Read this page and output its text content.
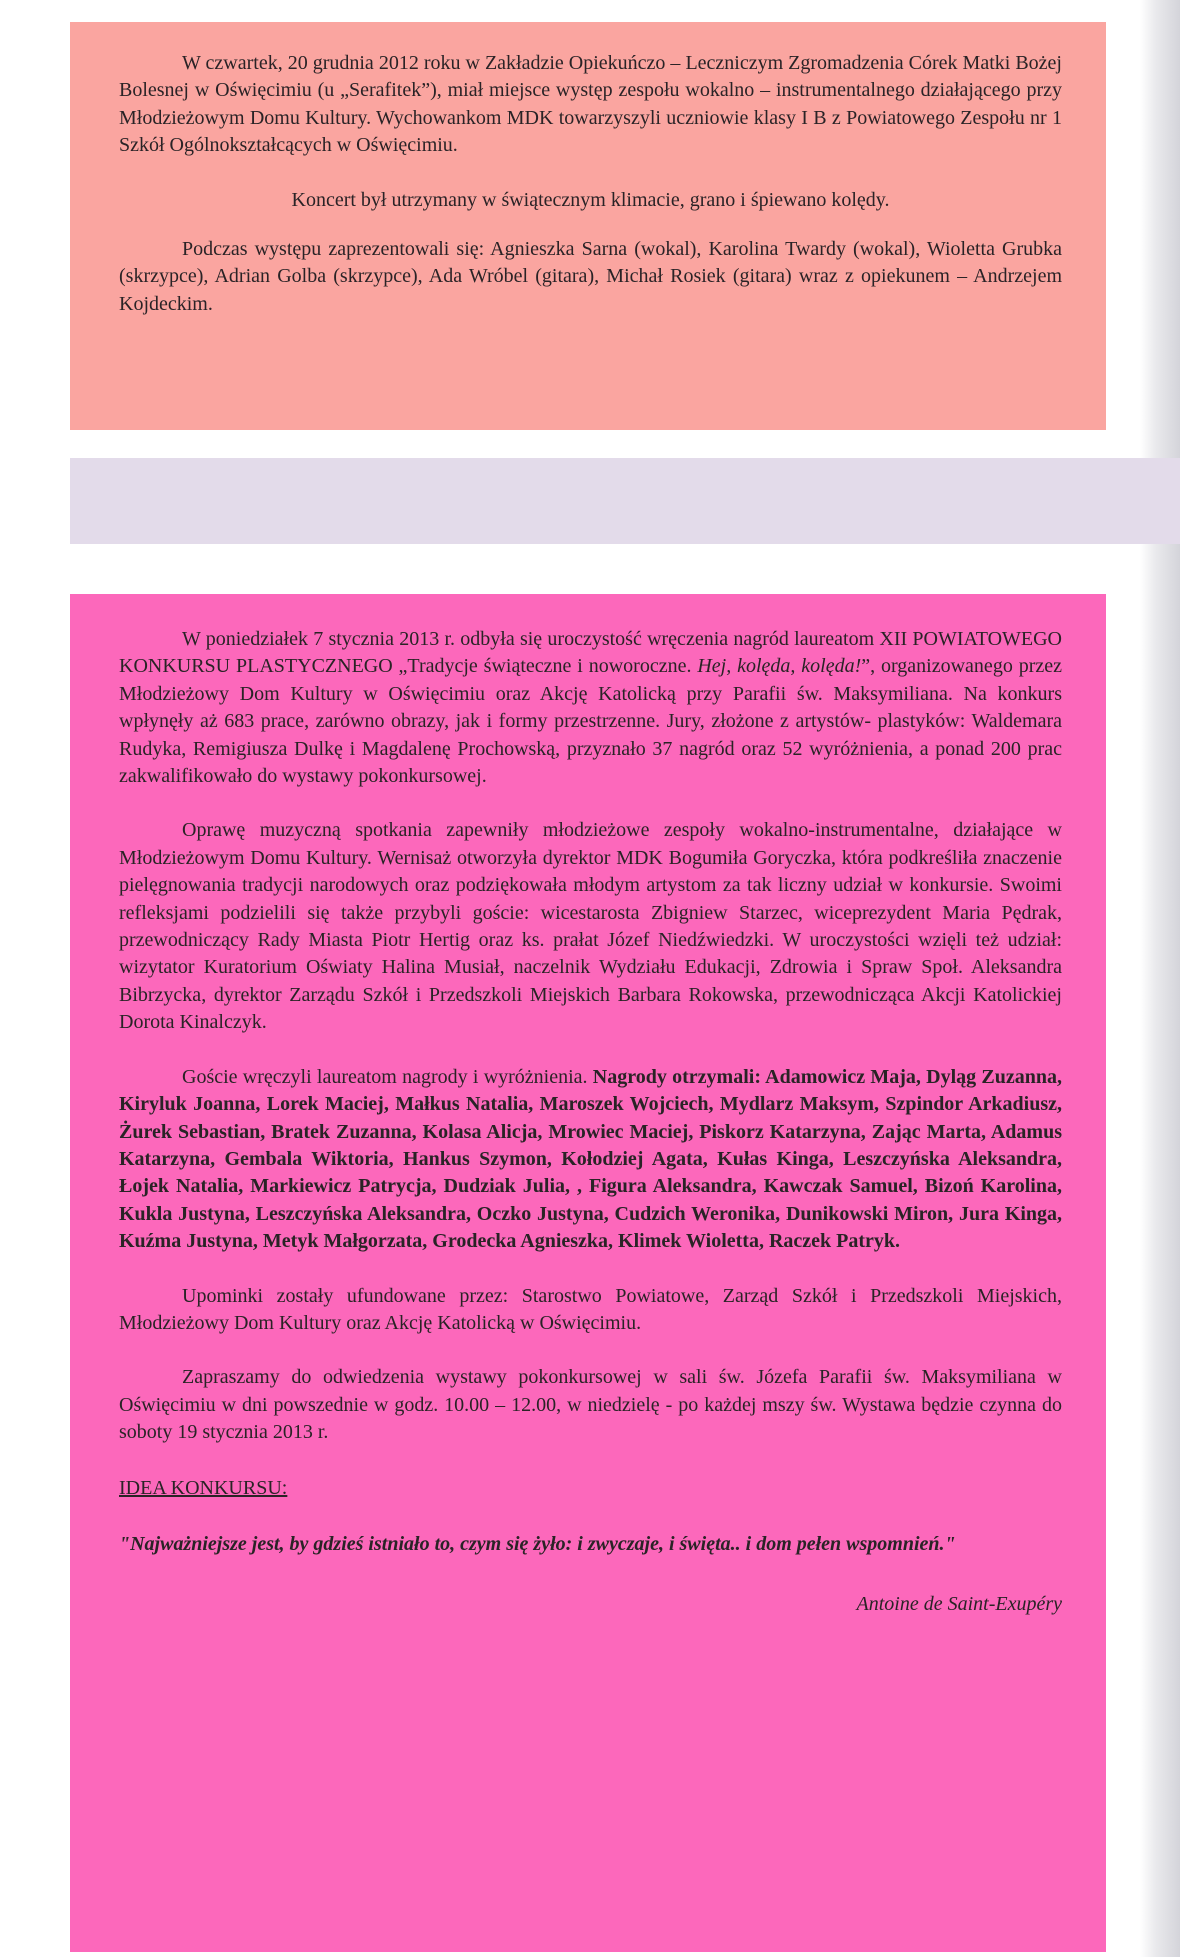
W czwartek, 20 grudnia 2012 roku w Zakładzie Opiekuńczo – Leczniczym Zgromadzenia Córek Matki Bożej Bolesnej w Oświęcimiu (u „Serafitek”), miał miejsce występ zespołu wokalno – instrumentalnego działającego przy Młodzieżowym Domu Kultury. Wychowankom MDK towarzyszyli uczniowie klasy I B z Powiatowego Zespołu nr 1 Szkół Ogólnokształcących w Oświęcimiu.

Koncert był utrzymany w świątecznym klimacie, grano i śpiewano kolędy.

Podczas występu zaprezentowali się: Agnieszka Sarna (wokal), Karolina Twardy (wokal), Wioletta Grubka (skrzypce), Adrian Golba (skrzypce), Ada Wróbel (gitara), Michał Rosiek (gitara) wraz z opiekunem – Andrzejem Kojdeckim.

W poniedziałek 7 stycznia 2013 r. odbyła się uroczystość wręczenia nagród laureatom XII POWIATOWEGO KONKURSU PLASTYCZNEGO „Tradycje świąteczne i noworoczne. Hej, kolęda, kolęda!”, organizowanego przez Młodzieżowy Dom Kultury w Oświęcimiu oraz Akcję Katolicką przy Parafii św. Maksymiliana. Na konkurs wpłynęły aż 683 prace, zarówno obrazy, jak i formy przestrzenne. Jury, złożone z artystów- plastyków: Waldemara Rudyka, Remigiusza Dulkę i Magdalenę Prochowską, przyznało 37 nagród oraz 52 wyróżnienia, a ponad 200 prac zakwalifikowało do wystawy pokonkursowej.

Oprawę muzyczną spotkania zapewniły młodzieżowe zespoły wokalno-instrumentalne, działające w Młodzieżowym Domu Kultury. Wernisaż otworzyła dyrektor MDK Bogumiła Goryczka, która podkreśliła znaczenie pielęgnowania tradycji narodowych oraz podziękowała młodym artystom za tak liczny udział w konkursie. Swoimi refleksjami podzielili się także przybyli goście: wicestarosta Zbigniew Starzec, wiceprezydent Maria Pędrak, przewodniczący Rady Miasta Piotr Hertig oraz ks. prałat Józef Niedźwiedzki. W uroczystości wzięli też udział: wizytator Kuratorium Oświaty Halina Musiał, naczelnik Wydziału Edukacji, Zdrowia i Spraw Społ. Aleksandra Bibrzycka, dyrektor Zarządu Szkół i Przedszkoli Miejskich Barbara Rokowska, przewodnicząca Akcji Katolickiej Dorota Kinalczyk.

Goście wręczyli laureatom nagrody i wyróżnienia. Nagrody otrzymali: Adamowicz Maja, Dyląg Zuzanna, Kiryluk Joanna, Lorek Maciej, Małkus Natalia, Maroszek Wojciech, Mydlarz Maksym, Szpindor Arkadiusz, Żurek Sebastian, Bratek Zuzanna, Kolasa Alicja, Mrowiec Maciej, Piskorz Katarzyna, Zając Marta, Adamus Katarzyna, Gembala Wiktoria, Hankus Szymon, Kołodziej Agata, Kułas Kinga, Leszczyńska Aleksandra, Łojek Natalia, Markiewicz Patrycja, Dudziak Julia, , Figura Aleksandra, Kawczak Samuel, Bizoń Karolina, Kukla Justyna, Leszczyńska Aleksandra, Oczko Justyna, Cudzich Weronika, Dunikowski Miron, Jura Kinga, Kuźma Justyna, Metyk Małgorzata, Grodecka Agnieszka, Klimek Wioletta, Raczek Patryk.

Upominki zostały ufundowane przez: Starostwo Powiatowe, Zarząd Szkół i Przedszkoli Miejskich, Młodzieżowy Dom Kultury oraz Akcję Katolicką w Oświęcimiu.

Zapraszamy do odwiedzenia wystawy pokonkursowej w sali św. Józefa Parafii św. Maksymiliana w Oświęcimiu w dni powszednie w godz. 10.00 – 12.00, w niedzielę - po każdej mszy św. Wystawa będzie czynna do soboty 19 stycznia 2013 r.

IDEA KONKURSU:

"Najważniejsze jest, by gdzieś istniało to, czym się żyło: i zwyczaje, i święta.. i dom pełen wspomnień."

Antoine de Saint-Exupéry
